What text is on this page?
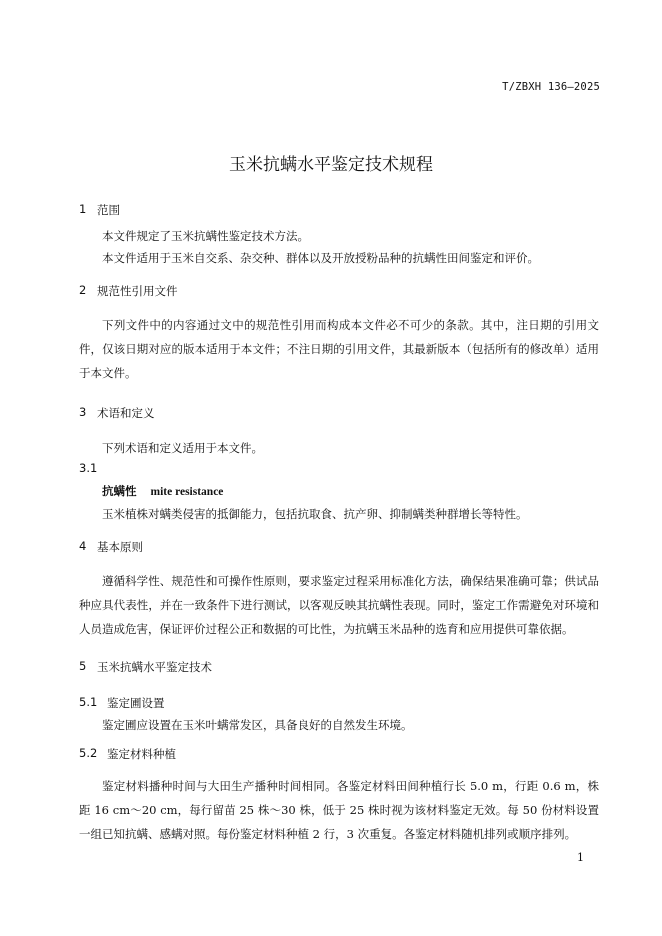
T/ZBXH 136—2025
玉米抗螨水平鉴定技术规程
1 范围

本文件规定了玉米抗螨性鉴定技术方法。

本文件适用于玉米自交系、杂交种、群体以及开放授粉品种的抗螨性田间鉴定和评价。

2 规范性引用文件

下列文件中的内容通过文中的规范性引用而构成本文件必不可少的条款。其中，注日期的引用文件，仅该日期对应的版本适用于本文件；不注日期的引用文件，其最新版本（包括所有的修改单）适用于本文件。

3 术语和定义

下列术语和定义适用于本文件。

3.1

抗螨性 mite resistance

玉米植株对螨类侵害的抵御能力，包括抗取食、抗产卵、抑制螨类种群增长等特性。

4 基本原则

遵循科学性、规范性和可操作性原则，要求鉴定过程采用标准化方法，确保结果准确可靠；供试品种应具代表性，并在一致条件下进行测试，以客观反映其抗螨性表现。同时，鉴定工作需避免对环境和人员造成危害，保证评价过程公正和数据的可比性，为抗螨玉米品种的选育和应用提供可靠依据。

5 玉米抗螨水平鉴定技术
5.1 鉴定圃设置

鉴定圃应设置在玉米叶螨常发区，具备良好的自然发生环境。

5.2 鉴定材料种植

鉴定材料播种时间与大田生产播种时间相同。各鉴定材料田间种植行长 5.0 m，行距 0.6 m，株距 16 cm～20 cm，每行留苗 25 株～30 株，低于 25 株时视为该材料鉴定无效。每 50 份材料设置一组已知抗螨、感螨对照。每份鉴定材料种植 2 行，3 次重复。各鉴定材料随机排列或顺序排列。

1
